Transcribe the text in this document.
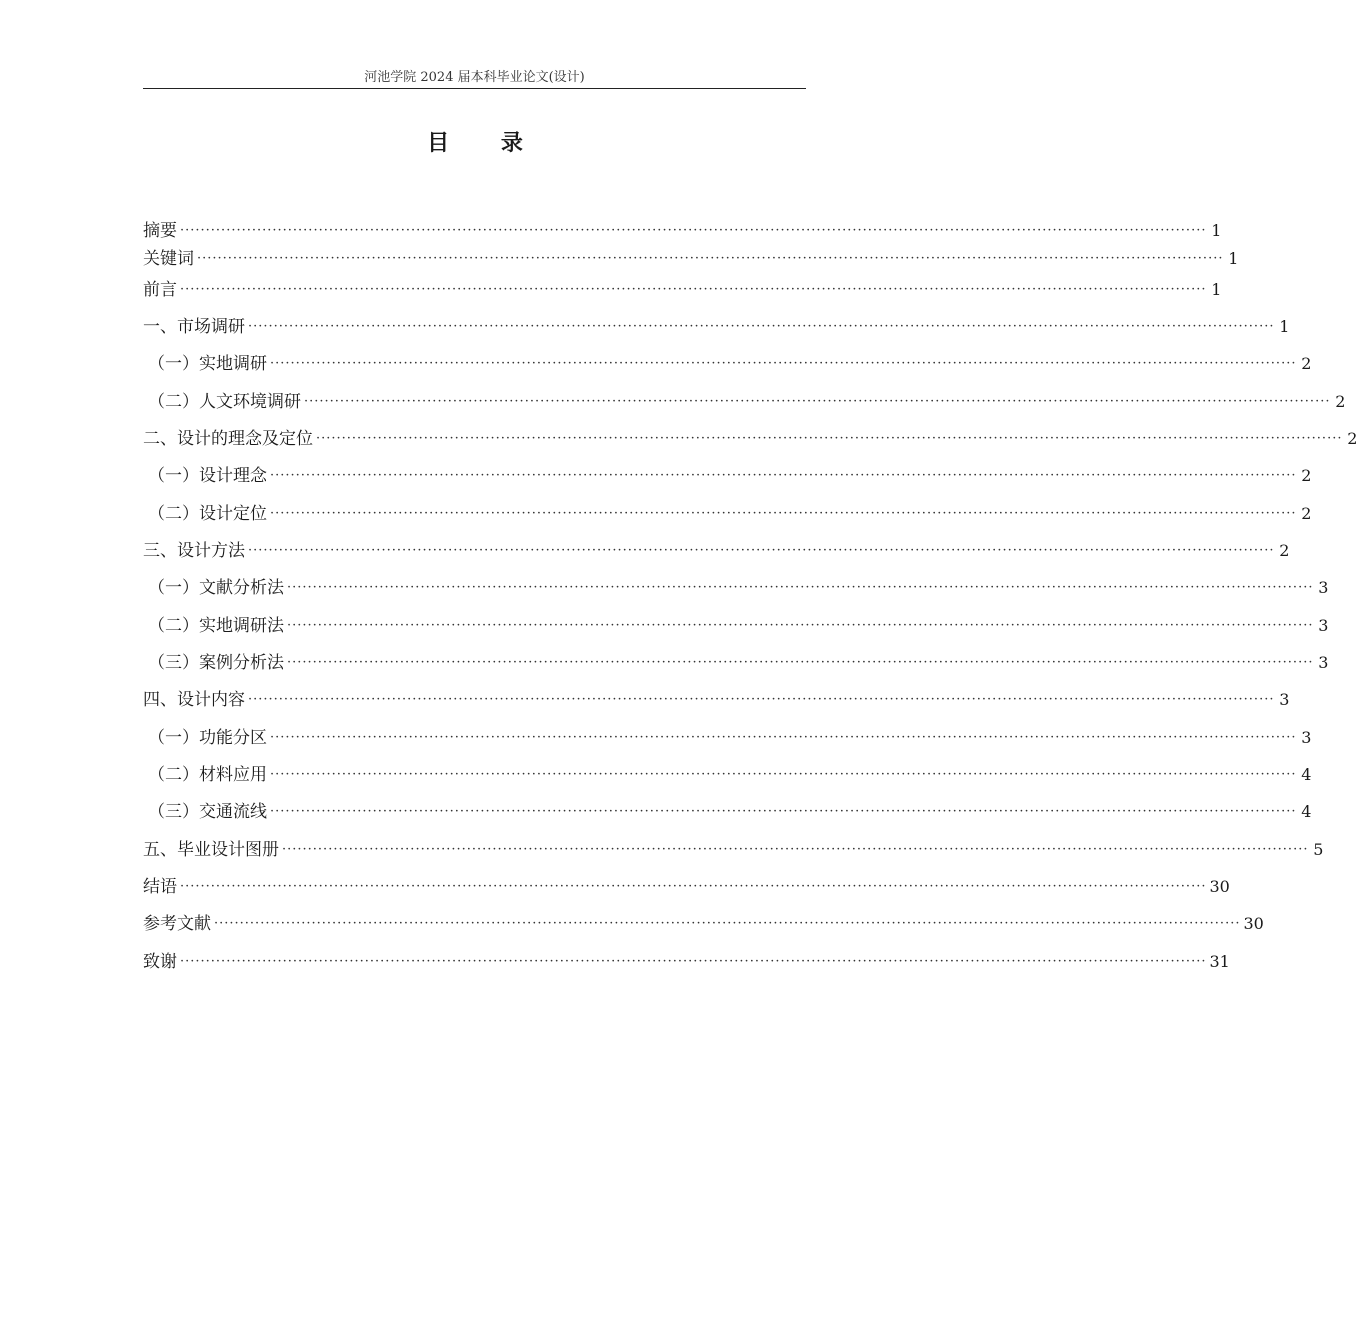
河池学院 2024 届本科毕业论文(设计)
目 录
摘要 ········································································································································································································ 1
关键词 ········································································································································································································ 1
前言 ········································································································································································································ 1
一、市场调研 ········································································································································································································ 1
（一）实地调研 ········································································································································································································ 2
（二）人文环境调研 ········································································································································································································ 2
二、设计的理念及定位 ········································································································································································································ 2
（一）设计理念 ········································································································································································································ 2
（二）设计定位 ········································································································································································································ 2
三、设计方法 ········································································································································································································ 2
（一）文献分析法 ········································································································································································································ 3
（二）实地调研法 ········································································································································································································ 3
（三）案例分析法 ········································································································································································································ 3
四、设计内容 ········································································································································································································ 3
（一）功能分区 ········································································································································································································ 3
（二）材料应用 ········································································································································································································ 4
（三）交通流线 ········································································································································································································ 4
五、毕业设计图册 ········································································································································································································ 5
结语 ········································································································································································································ 30
参考文献 ········································································································································································································ 30
致谢 ········································································································································································································ 31
